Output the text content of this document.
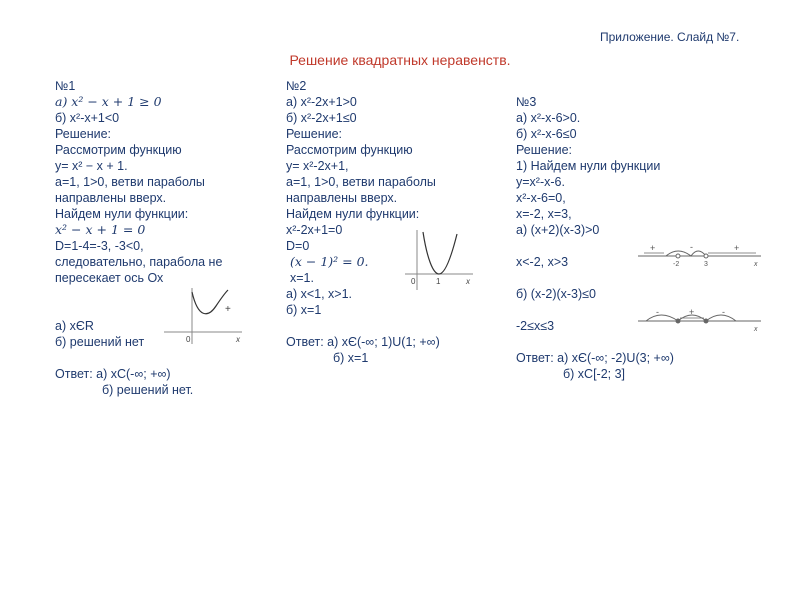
Приложение. Слайд №7.
Решение квадратных неравенств.
№1
а) x² − x + 1 ≥ 0
б) x²-x+1<0
Решение:
Рассмотрим функцию
y= x² − x + 1.
a=1, 1>0, ветви параболы
направлены вверх.
Найдем нули функции:
x² − x + 1 = 0
D=1-4=-3, -3<0,
следовательно, парабола не
пересекает ось Ох
а) хЄR
б) решений нет
Ответ: а) хС(-∞; +∞)
б) решений нет.
№2
а) x²-2x+1>0
б) x²-2x+1≤0
Решение:
Рассмотрим функцию
y= x²-2x+1,
a=1, 1>0, ветви параболы
направлены вверх.
Найдем нули функции:
x²-2x+1=0
D=0
(x − 1)² = 0.
x=1.
а) x<1, x>1.
б) x=1
Ответ: а) хЄ(-∞; 1)U(1; +∞)
б) х=1
№3
а) x²-x-6>0.
б) x²-x-6≤0
Решение:
1) Найдем нули функции
y=x²-x-6.
x²-x-6=0,
x=-2, x=3,
а) (x+2)(x-3)>0
x<-2, x>3
б) (x-2)(x-3)≤0
-2≤x≤3
Ответ: а) хЄ(-∞; -2)U(3; +∞)
б) хС[-2; 3]
+
0	x
0	1	x
+	-	+
-2	3	x
-	+	-
x
